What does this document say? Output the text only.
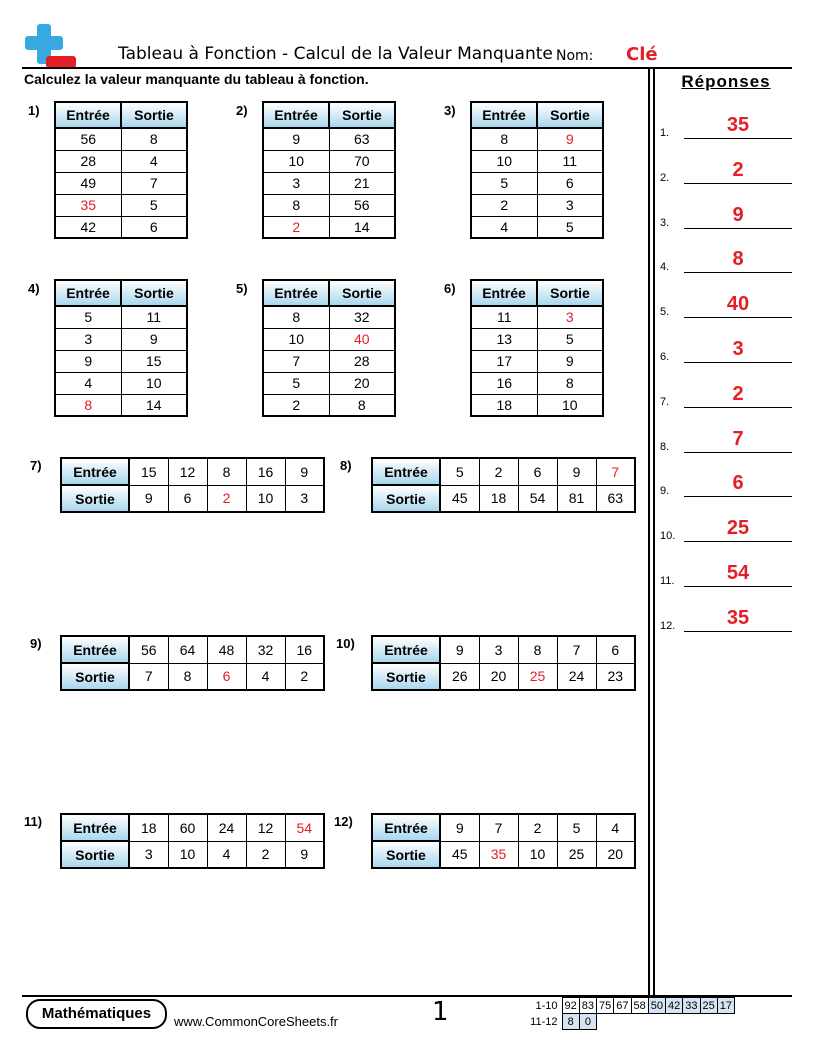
Tableau à Fonction - Calcul de la Valeur Manquante Nom: Clé
Calculez la valeur manquante du tableau à fonction.	Réponses
1.	35
2.	2
3.	9
4.	8
5.	40
6.	3
7.	2
8.	7
9.	6
10.	25
11.	54
12.	35
1) Entrée	Sortie
56	8
28	4
49	7
35	5
42	6
2) Entrée	Sortie
9	63
10	70
3	21
8	56
2	14
3) Entrée	Sortie
8	9
10	11
5	6
2	3
4	5
4) Entrée	Sortie
5	11
3	9
9	15
4	10
8	14
5) Entrée	Sortie
8	32
10	40
7	28
5	20
2	8
6) Entrée	Sortie
11	3
13	5
17	9
16	8
18	10
7) Entrée	15	12	8	16	9
Sortie	9	6	2	10	3
8) Entrée	5	2	6	9	7
Sortie	45	18	54	81	63
9) Entrée	56	64	48	32	16
Sortie	7	8	6	4	2
10) Entrée	9	3	8	7	6
Sortie	26	20	25	24	23
11) Entrée	18	60	24	12	54
Sortie	3	10	4	2	9
12) Entrée	9	7	2	5	4
Sortie	45	35	10	25	20
Mathématiques	www.CommonCoreSheets.fr	1	1-10	92	83	75	67	58	50	42	33	25	17
11-12	8	0								
